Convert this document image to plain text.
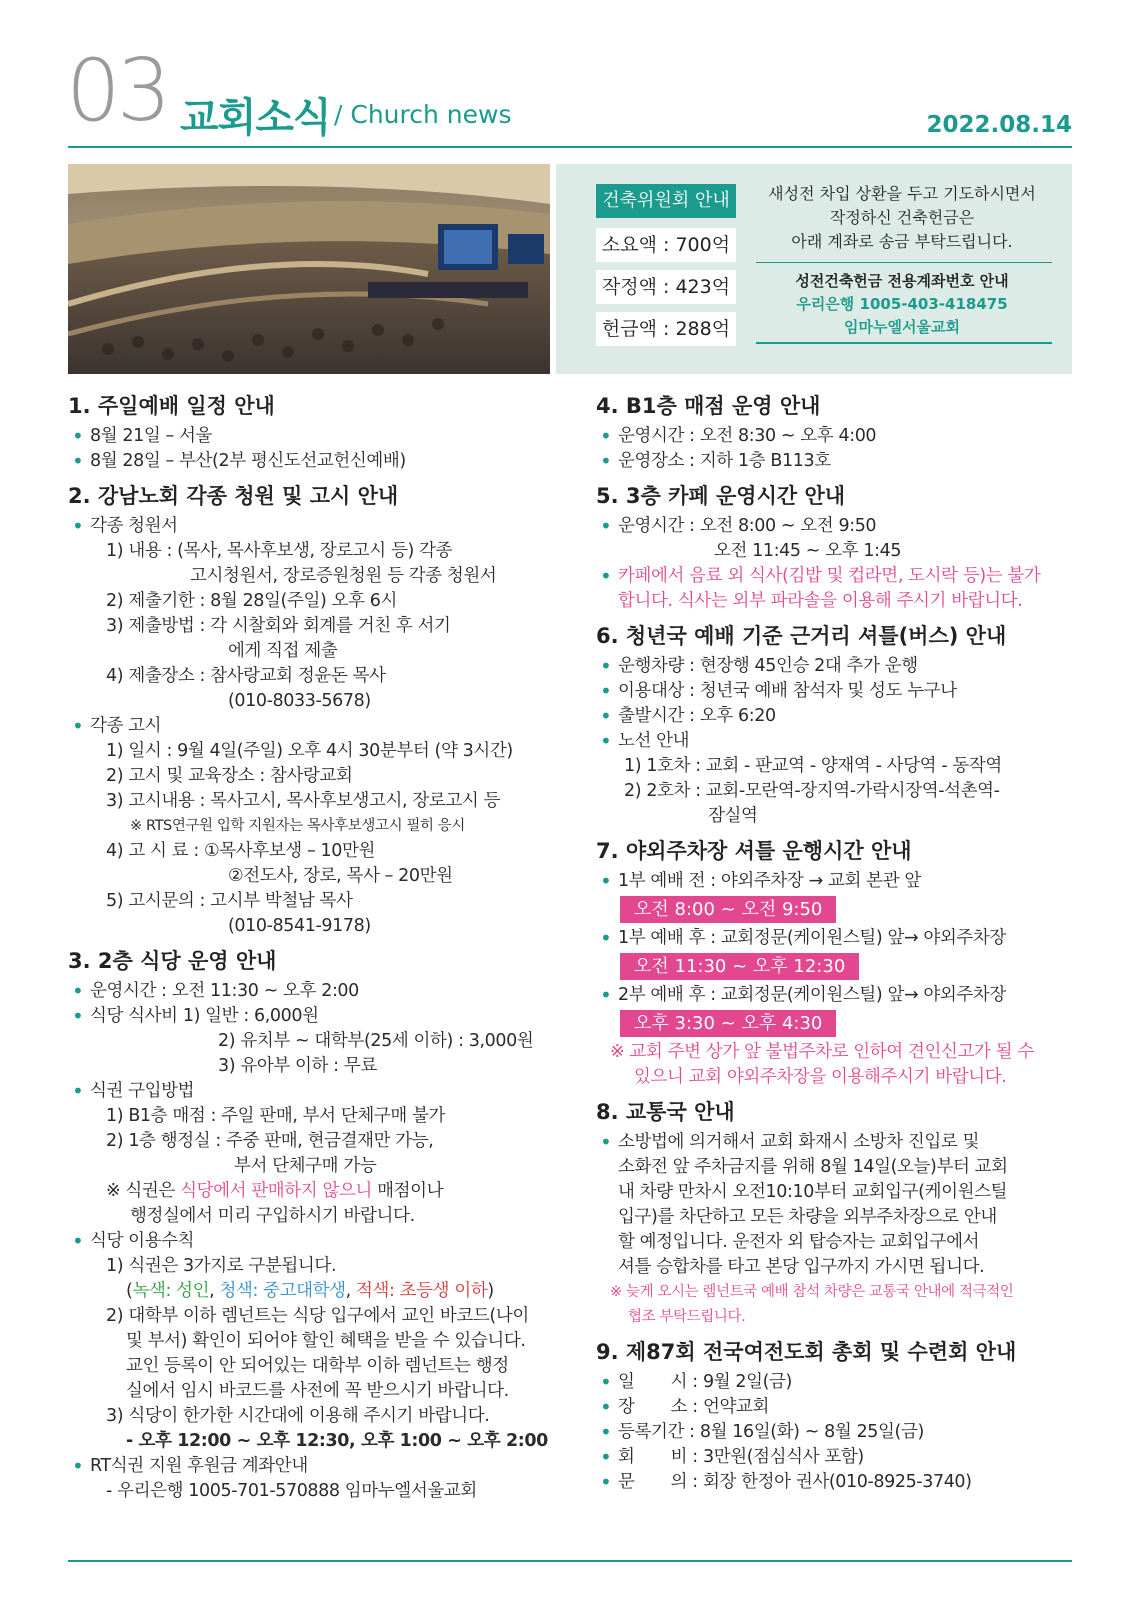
03 교회소식 / Church news	2022.08.14
건축위원회 안내
소요액 : 700억
작정액 : 423억
헌금액 : 288억
새성전 차입 상환을 두고 기도하시면서
작정하신 건축헌금은
아래 계좌로 송금 부탁드립니다.
성전건축헌금 전용계좌번호 안내
우리은행 1005-403-418475
임마누엘서울교회
1. 주일예배 일정 안내
• 8월 21일 – 서울
• 8월 28일 – 부산(2부 평신도선교헌신예배)
2. 강남노회 각종 청원 및 고시 안내
• 각종 청원서
1) 내용 : (목사, 목사후보생, 장로고시 등) 각종
고시청원서, 장로증원청원 등 각종 청원서
2) 제출기한 : 8월 28일(주일) 오후 6시
3) 제출방법 : 각 시찰회와 회계를 거친 후 서기
에게 직접 제출
4) 제출장소 : 참사랑교회 정윤돈 목사
(010-8033-5678)
• 각종 고시
1) 일시 : 9월 4일(주일) 오후 4시 30분부터 (약 3시간)
2) 고시 및 교육장소 : 참사랑교회
3) 고시내용 : 목사고시, 목사후보생고시, 장로고시 등
※ RTS연구원 입학 지원자는 목사후보생고시 필히 응시
4) 고 시 료 : ①목사후보생 – 10만원
②전도사, 장로, 목사 – 20만원
5) 고시문의 : 고시부 박철남 목사
(010-8541-9178)
3. 2층 식당 운영 안내
• 운영시간 : 오전 11:30 ~ 오후 2:00
• 식당 식사비 1) 일반 : 6,000원
2) 유치부 ~ 대학부(25세 이하) : 3,000원
3) 유아부 이하 : 무료
• 식권 구입방법
1) B1층 매점 : 주일 판매, 부서 단체구매 불가
2) 1층 행정실 : 주중 판매, 현금결재만 가능,
부서 단체구매 가능
※ 식권은 식당에서 판매하지 않으니 매점이나
행정실에서 미리 구입하시기 바랍니다.
• 식당 이용수칙
1) 식권은 3가지로 구분됩니다.
(녹색: 성인, 청색: 중고대학생, 적색: 초등생 이하)
2) 대학부 이하 렘넌트는 식당 입구에서 교인 바코드(나이
및 부서) 확인이 되어야 할인 혜택을 받을 수 있습니다.
교인 등록이 안 되어있는 대학부 이하 렘넌트는 행정
실에서 임시 바코드를 사전에 꼭 받으시기 바랍니다.
3) 식당이 한가한 시간대에 이용해 주시기 바랍니다.
- 오후 12:00 ~ 오후 12:30, 오후 1:00 ~ 오후 2:00
• RT식권 지원 후원금 계좌안내
- 우리은행 1005-701-570888 임마누엘서울교회
4. B1층 매점 운영 안내
• 운영시간 : 오전 8:30 ~ 오후 4:00
• 운영장소 : 지하 1층 B113호
5. 3층 카페 운영시간 안내
• 운영시간 : 오전 8:00 ~ 오전 9:50
오전 11:45 ~ 오후 1:45
• 카페에서 음료 외 식사(김밥 및 컵라면, 도시락 등)는 불가
합니다. 식사는 외부 파라솔을 이용해 주시기 바랍니다.
6. 청년국 예배 기준 근거리 셔틀(버스) 안내
• 운행차량 : 현장행 45인승 2대 추가 운행
• 이용대상 : 청년국 예배 참석자 및 성도 누구나
• 출발시간 : 오후 6:20
• 노선 안내
1) 1호차 : 교회 - 판교역 - 양재역 - 사당역 - 동작역
2) 2호차 : 교회-모란역-장지역-가락시장역-석촌역-
잠실역
7. 야외주차장 셔틀 운행시간 안내
• 1부 예배 전 : 야외주차장 → 교회 본관 앞
오전 8:00 ~ 오전 9:50
• 1부 예배 후 : 교회정문(케이원스틸) 앞→ 야외주차장
오전 11:30 ~ 오후 12:30
• 2부 예배 후 : 교회정문(케이원스틸) 앞→ 야외주차장
오후 3:30 ~ 오후 4:30
※ 교회 주변 상가 앞 불법주차로 인하여 견인신고가 될 수
있으니 교회 야외주차장을 이용해주시기 바랍니다.
8. 교통국 안내
• 소방법에 의거해서 교회 화재시 소방차 진입로 및
소화전 앞 주차금지를 위해 8월 14일(오늘)부터 교회
내 차량 만차시 오전10:10부터 교회입구(케이원스틸
입구)를 차단하고 모든 차량을 외부주차장으로 안내
할 예정입니다. 운전자 외 탑승자는 교회입구에서
셔틀 승합차를 타고 본당 입구까지 가시면 됩니다.
※ 늦게 오시는 렘넌트국 예배 참석 차량은 교통국 안내에 적극적인
협조 부탁드립니다.
9. 제87회 전국여전도회 총회 및 수련회 안내
• 일       시 : 9월 2일(금)
• 장       소 : 언약교회
• 등록기간 : 8월 16일(화) ~ 8월 25일(금)
• 회       비 : 3만원(점심식사 포함)
• 문       의 : 회장 한정아 권사(010-8925-3740)
